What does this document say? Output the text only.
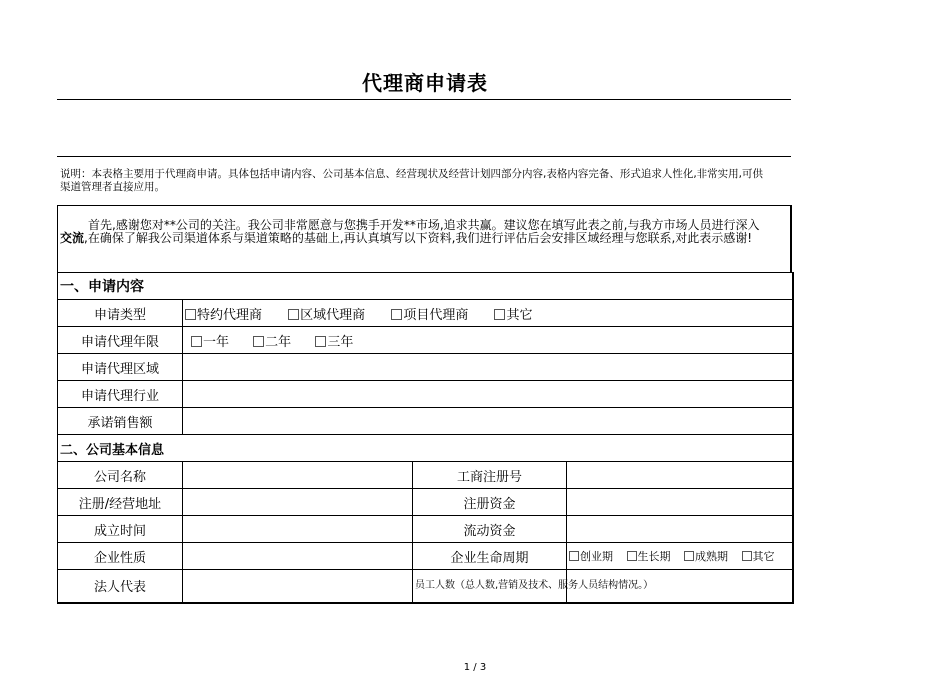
代理商申请表
说明：本表格主要用于代理商申请。具体包括申请内容、公司基本信息、经营现状及经营计划四部分内容,表格内容完备、形式追求人性化,非常实用,可供渠道管理者直接应用。
首先,感谢您对**公司的关注。我公司非常愿意与您携手开发**市场,追求共赢。建议您在填写此表之前,与我方市场人员进行深入交流,在确保了解我公司渠道体系与渠道策略的基础上,再认真填写以下资料,我们进行评估后会安排区域经理与您联系,对此表示感谢!
一、申请内容			
申请类型	特约代理商 区域代理商 项目代理商 其它		
申请代理年限	一年 二年 三年		
申请代理区域			
申请代理行业			
承诺销售额			
二、公司基本信息			
公司名称		工商注册号	
注册/经营地址		注册资金	
成立时间		流动资金	
企业性质		企业生命周期	创业期 生长期 成熟期 其它
法人代表		员工人数（总人数,营销及技术、服务人员结构情况。）	
1 / 3
